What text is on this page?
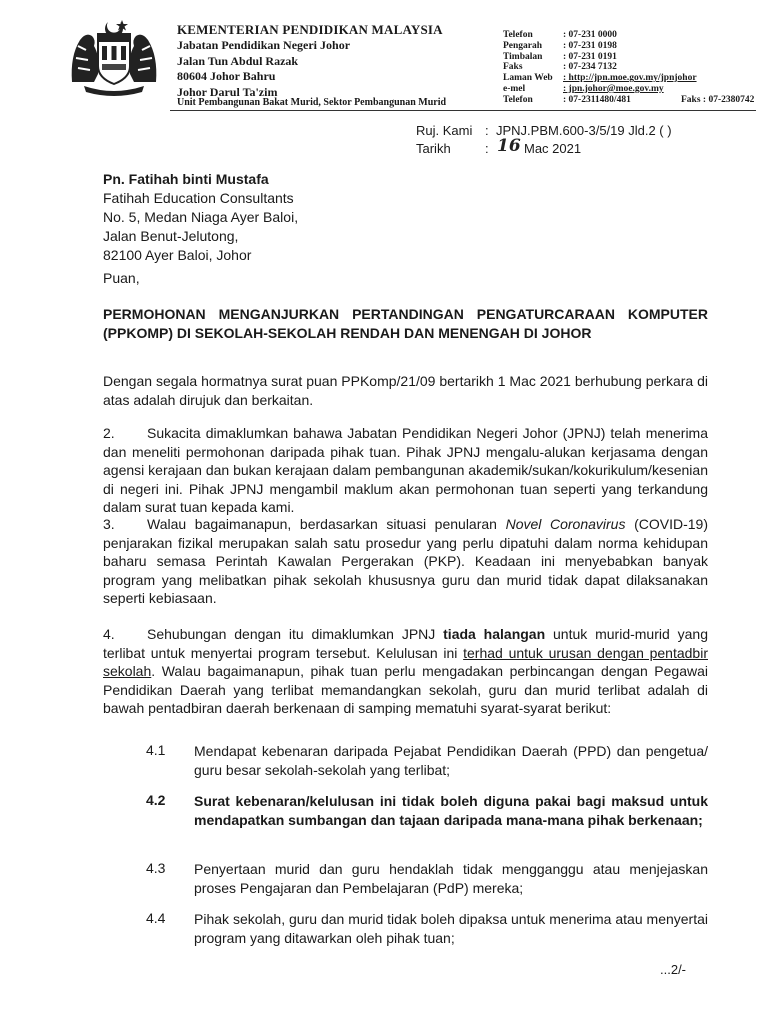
KEMENTERIAN PENDIDIKAN MALAYSIA
Jabatan Pendidikan Negeri Johor
Jalan Tun Abdul Razak
80604 Johor Bahru
Johor Darul Ta'zim
Unit Pembangunan Bakat Murid, Sektor Pembangunan Murid
Telefon	: 07-231 0000
Pengarah : 07-231 0198
Timbalan : 07-231 0191
Faks	: 07-234 7132
Laman Web : http://jpn.moe.gov.my/jpnjohor
e-mel	: jpn.johor@moe.gov.my
Telefon	: 07-2311480/481	Faks : 07-2380742
Ruj. Kami : JPNJ.PBM.600-3/5/19 Jld.2 ( )
Tarikh	: 16 Mac 2021
Pn. Fatihah binti Mustafa
Fatihah Education Consultants
No. 5, Medan Niaga Ayer Baloi,
Jalan Benut-Jelutong,
82100 Ayer Baloi, Johor
Puan,

PERMOHONAN MENGANJURKAN PERTANDINGAN PENGATURCARAAN KOMPUTER (PPKOMP) DI SEKOLAH-SEKOLAH RENDAH DAN MENENGAH DI JOHOR

Dengan segala hormatnya surat puan PPKomp/21/09 bertarikh 1 Mac 2021 berhubung perkara di atas adalah dirujuk dan berkaitan.

2. Sukacita dimaklumkan bahawa Jabatan Pendidikan Negeri Johor (JPNJ) telah menerima dan meneliti permohonan daripada pihak tuan. Pihak JPNJ mengalu-alukan kerjasama dengan agensi kerajaan dan bukan kerajaan dalam pembangunan akademik/sukan/kokurikulum/kesenian di negeri ini. Pihak JPNJ mengambil maklum akan permohonan tuan seperti yang terkandung dalam surat tuan kepada kami.

3. Walau bagaimanapun, berdasarkan situasi penularan Novel Coronavirus (COVID-19) penjarakan fizikal merupakan salah satu prosedur yang perlu dipatuhi dalam norma kehidupan baharu semasa Perintah Kawalan Pergerakan (PKP). Keadaan ini menyebabkan banyak program yang melibatkan pihak sekolah khususnya guru dan murid tidak dapat dilaksanakan seperti kebiasaan.

4. Sehubungan dengan itu dimaklumkan JPNJ tiada halangan untuk murid-murid yang terlibat untuk menyertai program tersebut. Kelulusan ini terhad untuk urusan dengan pentadbir sekolah. Walau bagaimanapun, pihak tuan perlu mengadakan perbincangan dengan Pegawai Pendidikan Daerah yang terlibat memandangkan sekolah, guru dan murid terlibat adalah di bawah pentadbiran daerah berkenaan di samping mematuhi syarat-syarat berikut:

4.1 Mendapat kebenaran daripada Pejabat Pendidikan Daerah (PPD) dan pengetua/ guru besar sekolah-sekolah yang terlibat;

4.2 Surat kebenaran/kelulusan ini tidak boleh diguna pakai bagi maksud untuk mendapatkan sumbangan dan tajaan daripada mana-mana pihak berkenaan;

4.3 Penyertaan murid dan guru hendaklah tidak mengganggu atau menjejaskan proses Pengajaran dan Pembelajaran (PdP) mereka;

4.4 Pihak sekolah, guru dan murid tidak boleh dipaksa untuk menerima atau menyertai program yang ditawarkan oleh pihak tuan;

...2/-
